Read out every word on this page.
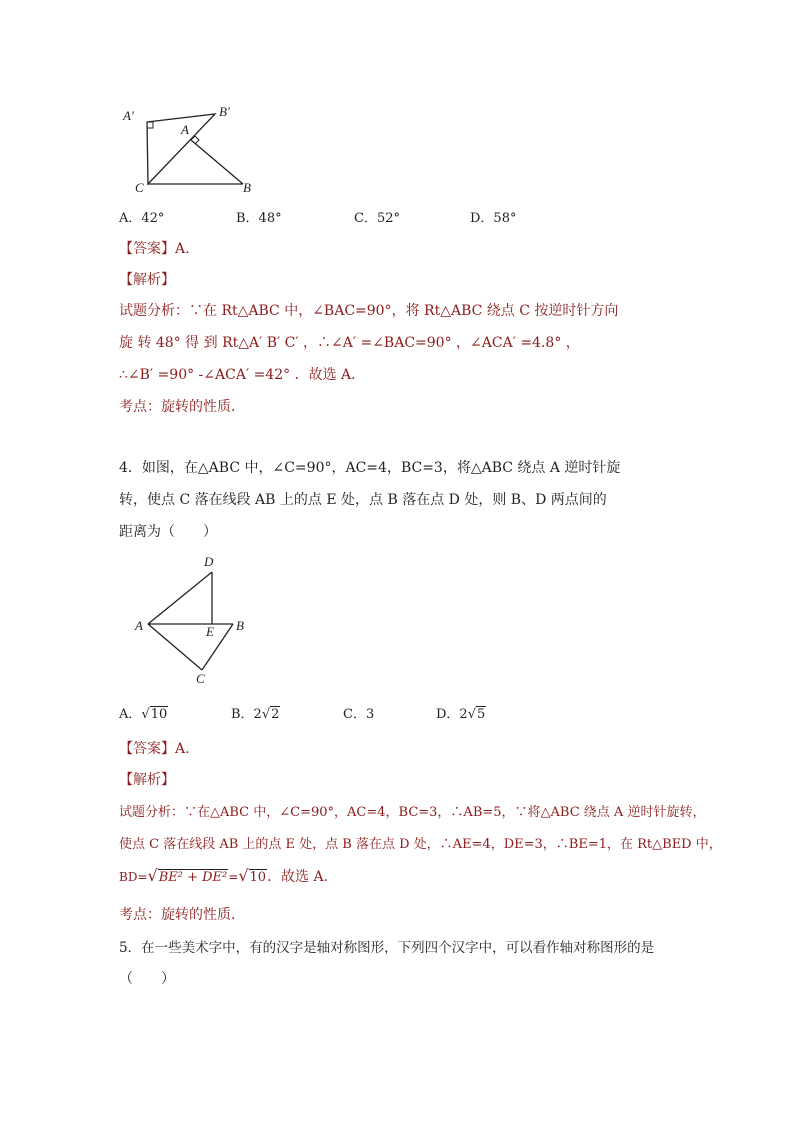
A′	B′
A
C	B
A．42°	B．48°	C．52°	D．58°
【答案】A.
【解析】
试题分析：∵在 Rt△ABC 中，∠BAC=90°，将 Rt△ABC 绕点 C 按逆时针方向
旋 转 48° 得 到 Rt△A′ B′ C′ ，∴∠A′ =∠BAC=90° ，∠ACA′ =4.8° ，
∴∠B′ =90° -∠ACA′ =42° ．故选 A．
考点：旋转的性质．
4．如图，在△ABC 中，∠C=90°，AC=4，BC=3，将△ABC 绕点 A 逆时针旋
转，使点 C 落在线段 AB 上的点 E 处，点 B 落在点 D 处，则 B、D 两点间的
距离为（　　）
D
A	E B
C
A．√10	B．2√2	C．3	D．2√5
【答案】A.
【解析】
试题分析：∵在△ABC 中，∠C=90°，AC=4，BC=3，∴AB=5，∵将△ABC 绕点 A 逆时针旋转，
使点 C 落在线段 AB 上的点 E 处，点 B 落在点 D 处，∴AE=4，DE=3，∴BE=1，在 Rt△BED 中，
BD=√BE² + DE²=√10．故选 A．
考点：旋转的性质．
5．在一些美术字中，有的汉字是轴对称图形，下列四个汉字中，可以看作轴对称图形的是
（　　）
